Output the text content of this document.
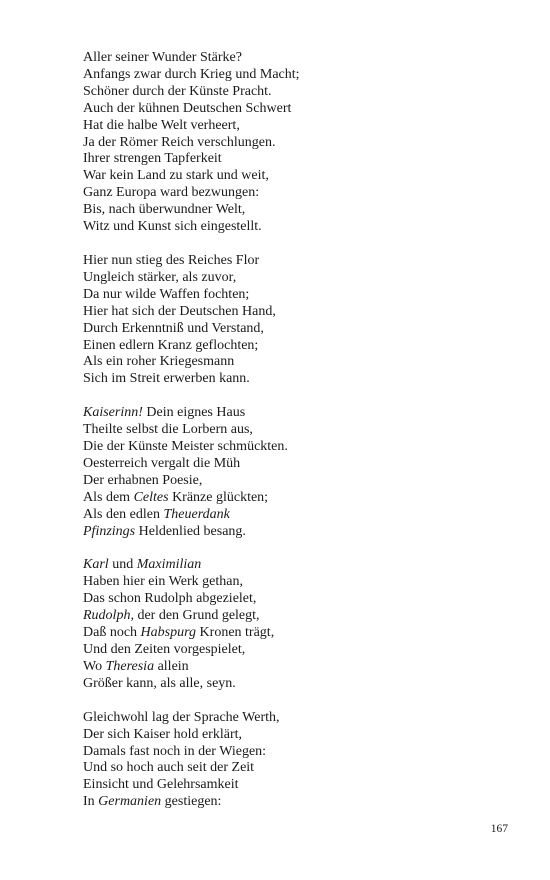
Aller seiner Wunder Stärke?
Anfangs zwar durch Krieg und Macht;
Schöner durch der Künste Pracht.
Auch der kühnen Deutschen Schwert
Hat die halbe Welt verheert,
Ja der Römer Reich verschlungen.
Ihrer strengen Tapferkeit
War kein Land zu stark und weit,
Ganz Europa ward bezwungen:
Bis, nach überwundner Welt,
Witz und Kunst sich eingestellt.
Hier nun stieg des Reiches Flor
Ungleich stärker, als zuvor,
Da nur wilde Waffen fochten;
Hier hat sich der Deutschen Hand,
Durch Erkenntniß und Verstand,
Einen edlern Kranz geflochten;
Als ein roher Kriegesmann
Sich im Streit erwerben kann.
Kaiserinn! Dein eignes Haus
Theilte selbst die Lorbern aus,
Die der Künste Meister schmückten.
Oesterreich vergalt die Müh
Der erhabnen Poesie,
Als dem Celtes Kränze glückten;
Als den edlen Theuerdank
Pfinzings Heldenlied besang.
Karl und Maximilian
Haben hier ein Werk gethan,
Das schon Rudolph abgezielet,
Rudolph, der den Grund gelegt,
Daß noch Habspurg Kronen trägt,
Und den Zeiten vorgespielet,
Wo Theresia allein
Größer kann, als alle, seyn.
Gleichwohl lag der Sprache Werth,
Der sich Kaiser hold erklärt,
Damals fast noch in der Wiegen:
Und so hoch auch seit der Zeit
Einsicht und Gelehrsamkeit
In Germanien gestiegen:
167
